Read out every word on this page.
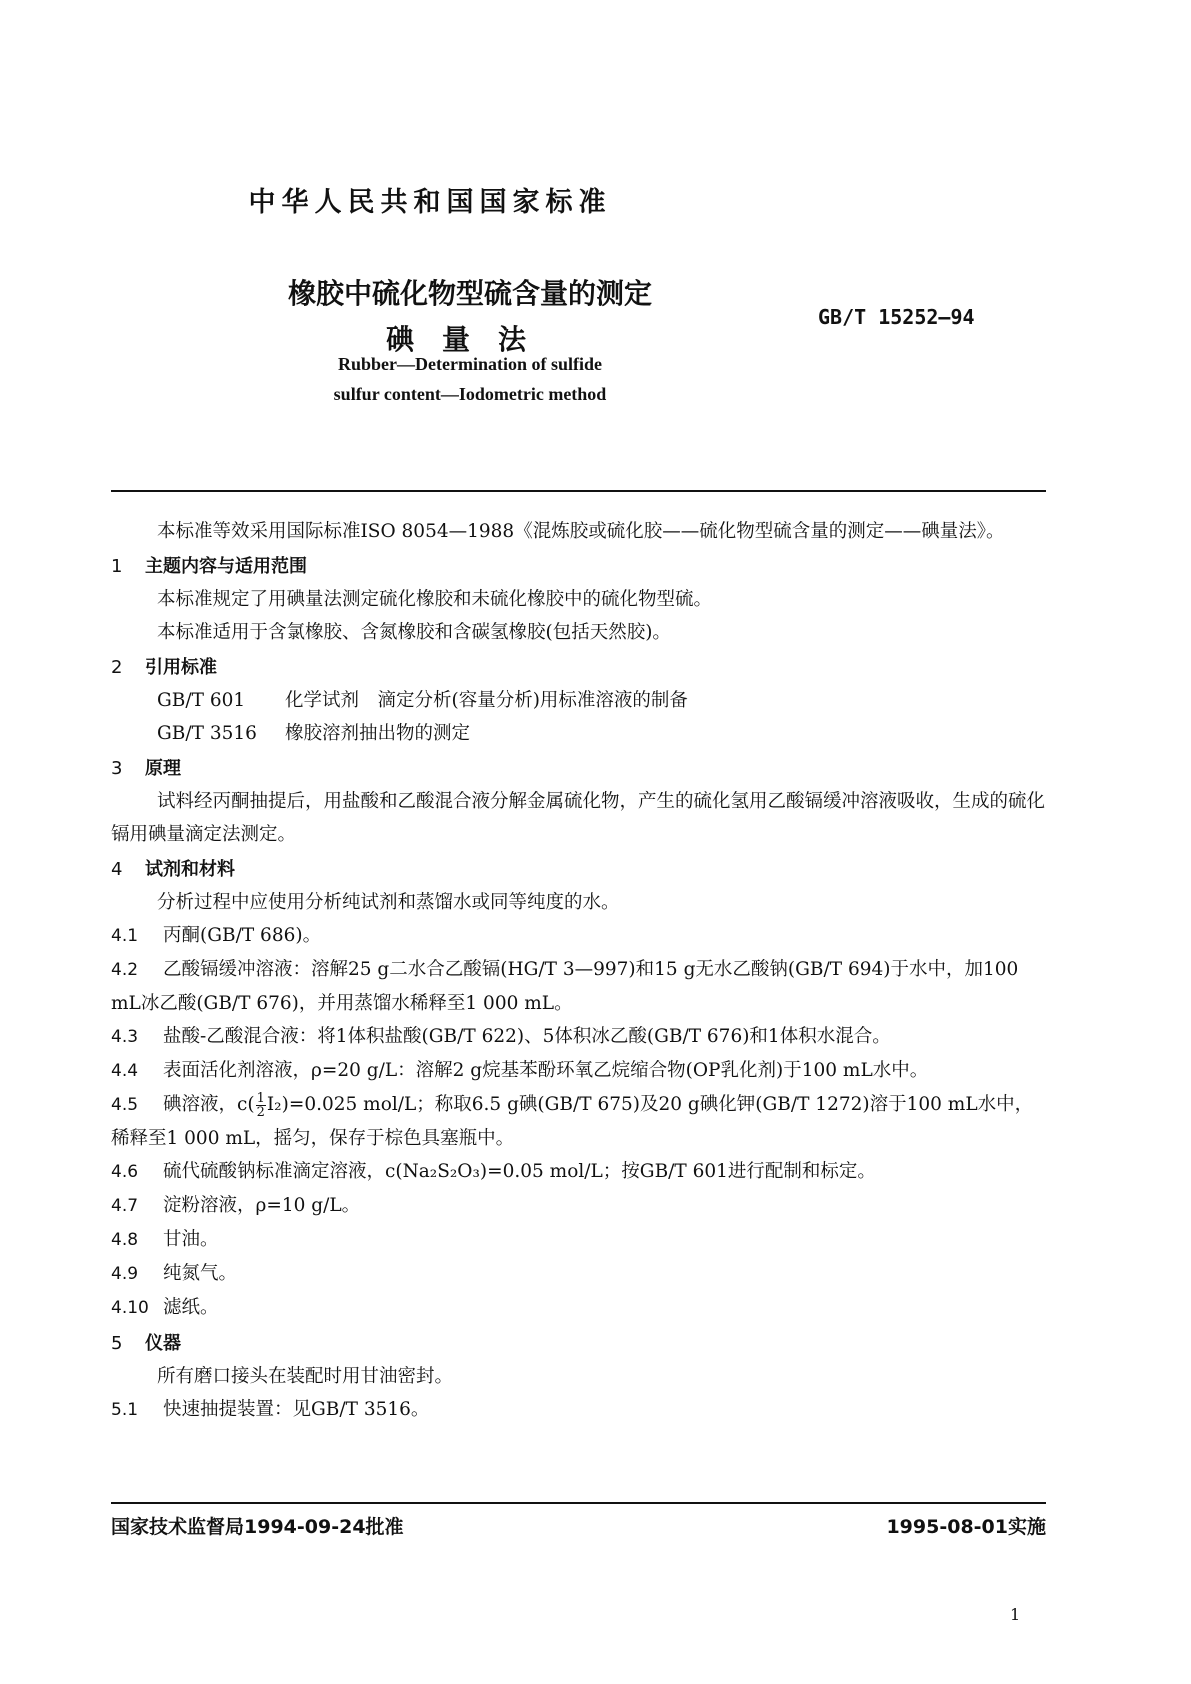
中华人民共和国国家标准
橡胶中硫化物型硫含量的测定
碘量法
GB/T 15252—94
Rubber—Determination of sulfide
sulfur content—Iodometric method

本标准等效采用国际标准ISO 8054—1988《混炼胶或硫化胶——硫化物型硫含量的测定——碘量法》。

1 主题内容与适用范围

本标准规定了用碘量法测定硫化橡胶和未硫化橡胶中的硫化物型硫。

本标准适用于含氯橡胶、含氮橡胶和含碳氢橡胶(包括天然胶)。

2 引用标准

GB/T 601 化学试剂　滴定分析(容量分析)用标准溶液的制备

GB/T 3516 橡胶溶剂抽出物的测定

3 原理

试料经丙酮抽提后，用盐酸和乙酸混合液分解金属硫化物，产生的硫化氢用乙酸镉缓冲溶液吸收，生成的硫化镉用碘量滴定法测定。

4 试剂和材料

分析过程中应使用分析纯试剂和蒸馏水或同等纯度的水。

4.1 丙酮(GB/T 686)。

4.2 乙酸镉缓冲溶液：溶解25 g二水合乙酸镉(HG/T 3—997)和15 g无水乙酸钠(GB/T 694)于水中，加100 mL冰乙酸(GB/T 676)，并用蒸馏水稀释至1 000 mL。

4.3 盐酸-乙酸混合液：将1体积盐酸(GB/T 622)、5体积冰乙酸(GB/T 676)和1体积水混合。

4.4 表面活化剂溶液，ρ=20 g/L：溶解2 g烷基苯酚环氧乙烷缩合物(OP乳化剂)于100 mL水中。

4.5 碘溶液，$c( \frac{1}{2} I_2)=0.025$ mol/L；称取6.5 g碘(GB/T 675)及20 g碘化钾(GB/T 1272)溶于100 mL水中，稀释至1 000 mL，摇匀，保存于棕色具塞瓶中。

4.6 硫代硫酸钠标准滴定溶液，c(Na₂S₂O₃)=0.05 mol/L；按GB/T 601进行配制和标定。

4.7 淀粉溶液，ρ=10 g/L。

4.8 甘油。

4.9 纯氮气。

4.10 滤纸。

5 仪器

所有磨口接头在装配时用甘油密封。

5.1 快速抽提装置：见GB/T 3516。

国家技术监督局1994-09-24批准	1995-08-01实施
1
